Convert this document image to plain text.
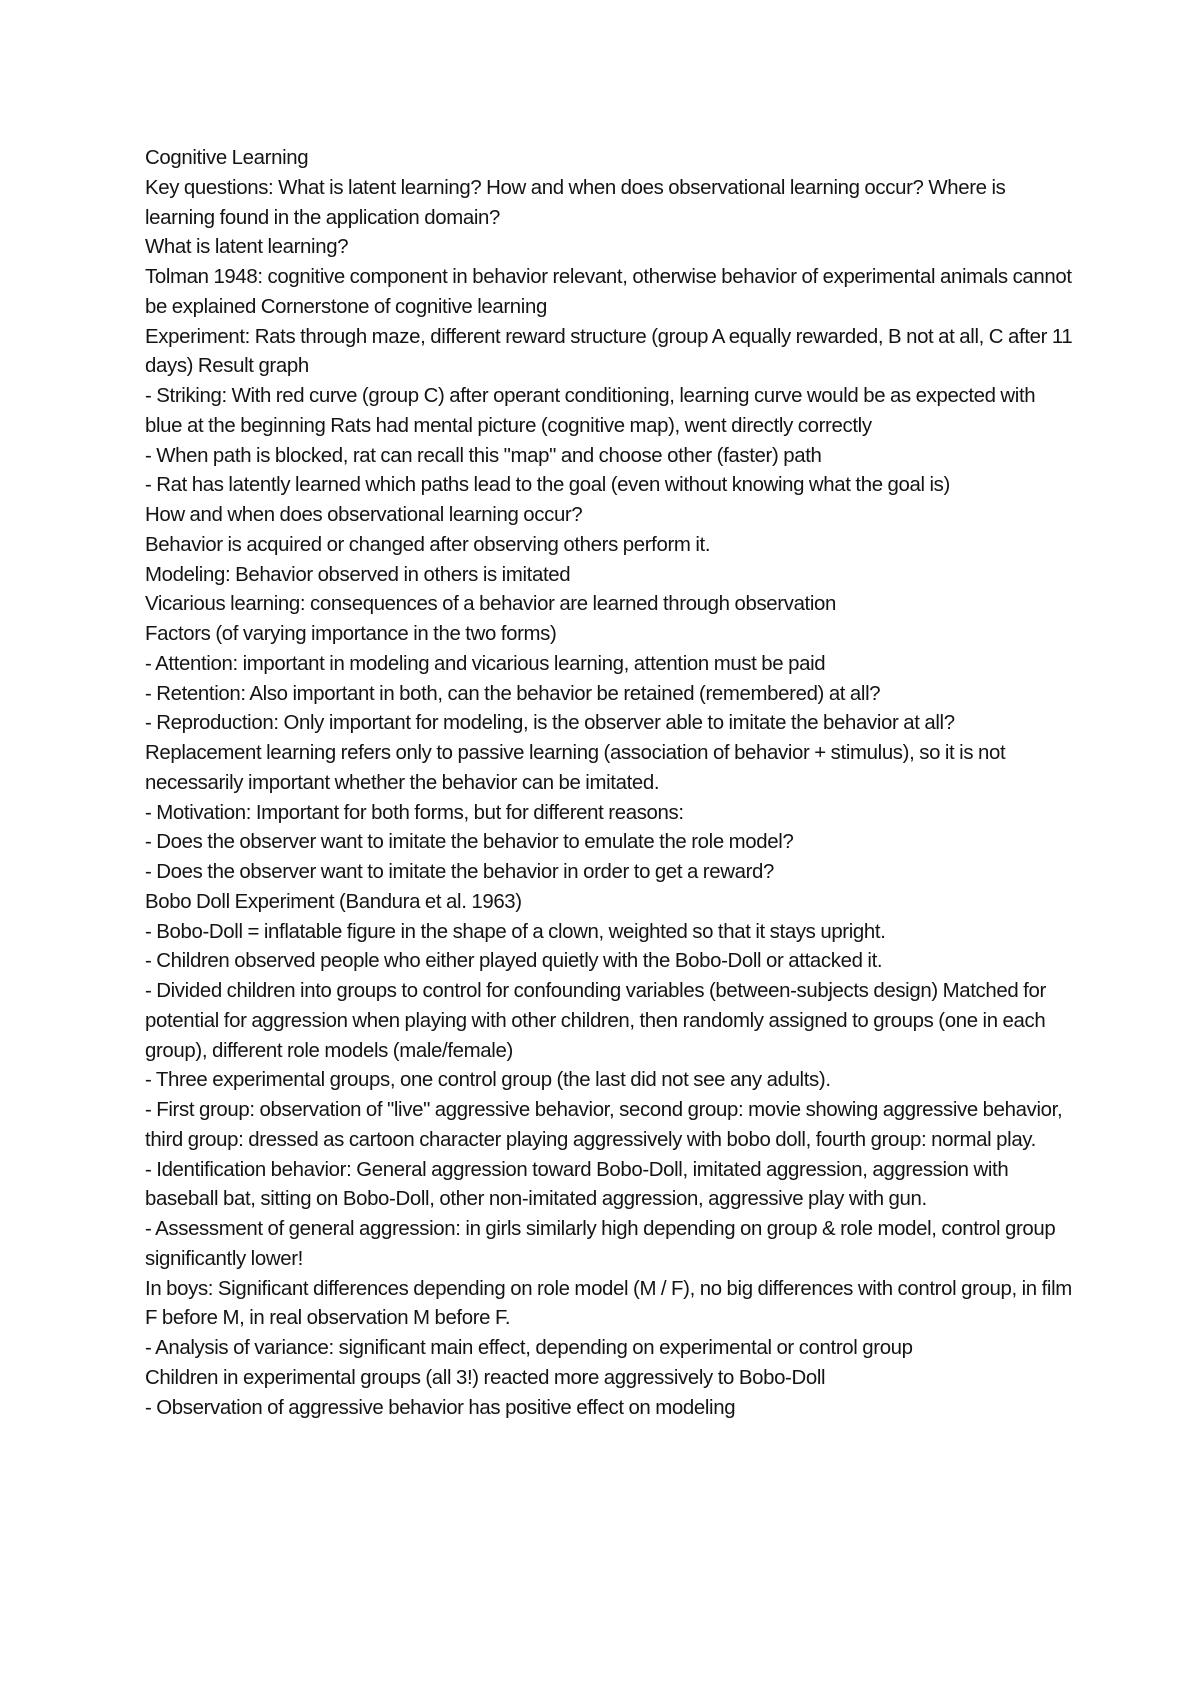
Cognitive Learning

Key questions: What is latent learning? How and when does observational learning occur? Where is learning found in the application domain?

What is latent learning?

Tolman 1948: cognitive component in behavior relevant, otherwise behavior of experimental animals cannot be explained Cornerstone of cognitive learning

Experiment: Rats through maze, different reward structure (group A equally rewarded, B not at all, C after 11 days) Result graph

- Striking: With red curve (group C) after operant conditioning, learning curve would be as expected with blue at the beginning Rats had mental picture (cognitive map), went directly correctly

- When path is blocked, rat can recall this "map" and choose other (faster) path

- Rat has latently learned which paths lead to the goal (even without knowing what the goal is)

How and when does observational learning occur?

Behavior is acquired or changed after observing others perform it.

Modeling: Behavior observed in others is imitated

Vicarious learning: consequences of a behavior are learned through observation

Factors (of varying importance in the two forms)

- Attention: important in modeling and vicarious learning, attention must be paid

- Retention: Also important in both, can the behavior be retained (remembered) at all?

- Reproduction: Only important for modeling, is the observer able to imitate the behavior at all? Replacement learning refers only to passive learning (association of behavior + stimulus), so it is not necessarily important whether the behavior can be imitated.

- Motivation: Important for both forms, but for different reasons:

- Does the observer want to imitate the behavior to emulate the role model?

- Does the observer want to imitate the behavior in order to get a reward?

Bobo Doll Experiment (Bandura et al. 1963)

- Bobo-Doll = inflatable figure in the shape of a clown, weighted so that it stays upright.

- Children observed people who either played quietly with the Bobo-Doll or attacked it.

- Divided children into groups to control for confounding variables (between-subjects design) Matched for potential for aggression when playing with other children, then randomly assigned to groups (one in each group), different role models (male/female)

- Three experimental groups, one control group (the last did not see any adults).

- First group: observation of "live" aggressive behavior, second group: movie showing aggressive behavior, third group: dressed as cartoon character playing aggressively with bobo doll, fourth group: normal play.

- Identification behavior: General aggression toward Bobo-Doll, imitated aggression, aggression with baseball bat, sitting on Bobo-Doll, other non-imitated aggression, aggressive play with gun.

- Assessment of general aggression: in girls similarly high depending on group & role model, control group significantly lower!

In boys: Significant differences depending on role model (M / F), no big differences with control group, in film F before M, in real observation M before F.

- Analysis of variance: significant main effect, depending on experimental or control group

Children in experimental groups (all 3!) reacted more aggressively to Bobo-Doll

- Observation of aggressive behavior has positive effect on modeling
